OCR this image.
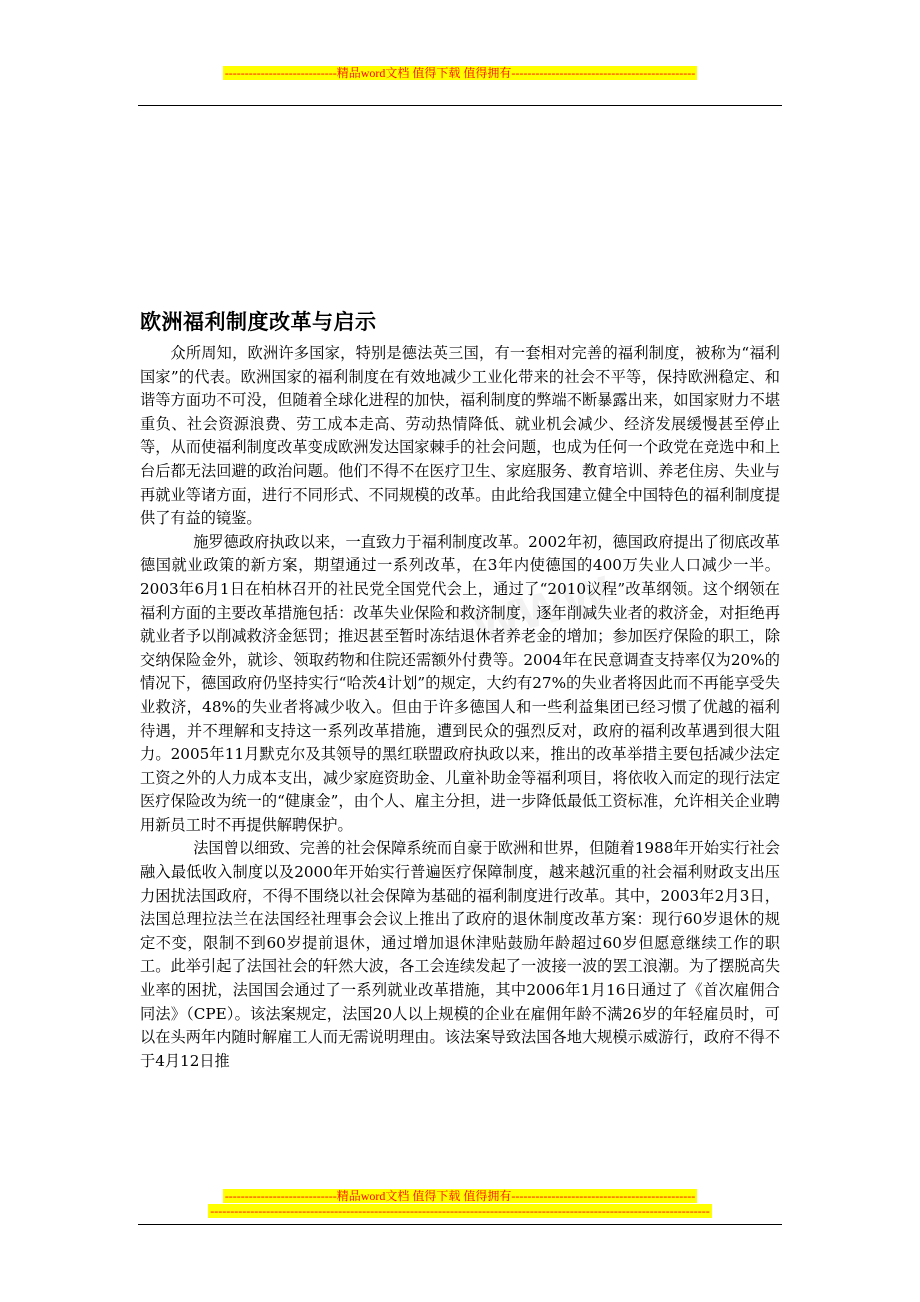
----------------------------精品word文档 值得下载 值得拥有----------------------------------------------
www
欧洲福利制度改革与启示

众所周知，欧洲许多国家，特别是德法英三国，有一套相对完善的福利制度，被称为“福利国家”的代表。欧洲国家的福利制度在有效地减少工业化带来的社会不平等，保持欧洲稳定、和谐等方面功不可没，但随着全球化进程的加快，福利制度的弊端不断暴露出来，如国家财力不堪重负、社会资源浪费、劳工成本走高、劳动热情降低、就业机会减少、经济发展缓慢甚至停止等，从而使福利制度改革变成欧洲发达国家棘手的社会问题，也成为任何一个政党在竞选中和上台后都无法回避的政治问题。他们不得不在医疗卫生、家庭服务、教育培训、养老住房、失业与再就业等诸方面，进行不同形式、不同规模的改革。由此给我国建立健全中国特色的福利制度提供了有益的镜鉴。

施罗德政府执政以来，一直致力于福利制度改革。2002年初，德国政府提出了彻底改革德国就业政策的新方案，期望通过一系列改革，在3年内使德国的400万失业人口减少一半。2003年6月1日在柏林召开的社民党全国党代会上，通过了“2010议程”改革纲领。这个纲领在福利方面的主要改革措施包括：改革失业保险和救济制度，逐年削减失业者的救济金，对拒绝再就业者予以削减救济金惩罚；推迟甚至暂时冻结退休者养老金的增加；参加医疗保险的职工，除交纳保险金外，就诊、领取药物和住院还需额外付费等。2004年在民意调查支持率仅为20%的情况下，德国政府仍坚持实行“哈茨4计划”的规定，大约有27%的失业者将因此而不再能享受失业救济，48%的失业者将减少收入。但由于许多德国人和一些利益集团已经习惯了优越的福利待遇，并不理解和支持这一系列改革措施，遭到民众的强烈反对，政府的福利改革遇到很大阻力。2005年11月默克尔及其领导的黑红联盟政府执政以来，推出的改革举措主要包括减少法定工资之外的人力成本支出，减少家庭资助金、儿童补助金等福利项目，将依收入而定的现行法定医疗保险改为统一的“健康金”，由个人、雇主分担，进一步降低最低工资标准，允许相关企业聘用新员工时不再提供解聘保护。

法国曾以细致、完善的社会保障系统而自豪于欧洲和世界，但随着1988年开始实行社会融入最低收入制度以及2000年开始实行普遍医疗保障制度，越来越沉重的社会福利财政支出压力困扰法国政府，不得不围绕以社会保障为基础的福利制度进行改革。其中，2003年2月3日，法国总理拉法兰在法国经社理事会会议上推出了政府的退休制度改革方案：现行60岁退休的规定不变，限制不到60岁提前退休，通过增加退休津贴鼓励年龄超过60岁但愿意继续工作的职工。此举引起了法国社会的轩然大波，各工会连续发起了一波接一波的罢工浪潮。为了摆脱高失业率的困扰，法国国会通过了一系列就业改革措施，其中2006年1月16日通过了《首次雇佣合同法》（CPE）。该法案规定，法国20人以上规模的企业在雇佣年龄不满26岁的年轻雇员时，可以在头两年内随时解雇工人而无需说明理由。该法案导致法国各地大规模示威游行，政府不得不于4月12日推

----------------------------精品word文档 值得下载 值得拥有----------------------------------------------
-----------------------------------------------------------------------------------------------------------------------------
